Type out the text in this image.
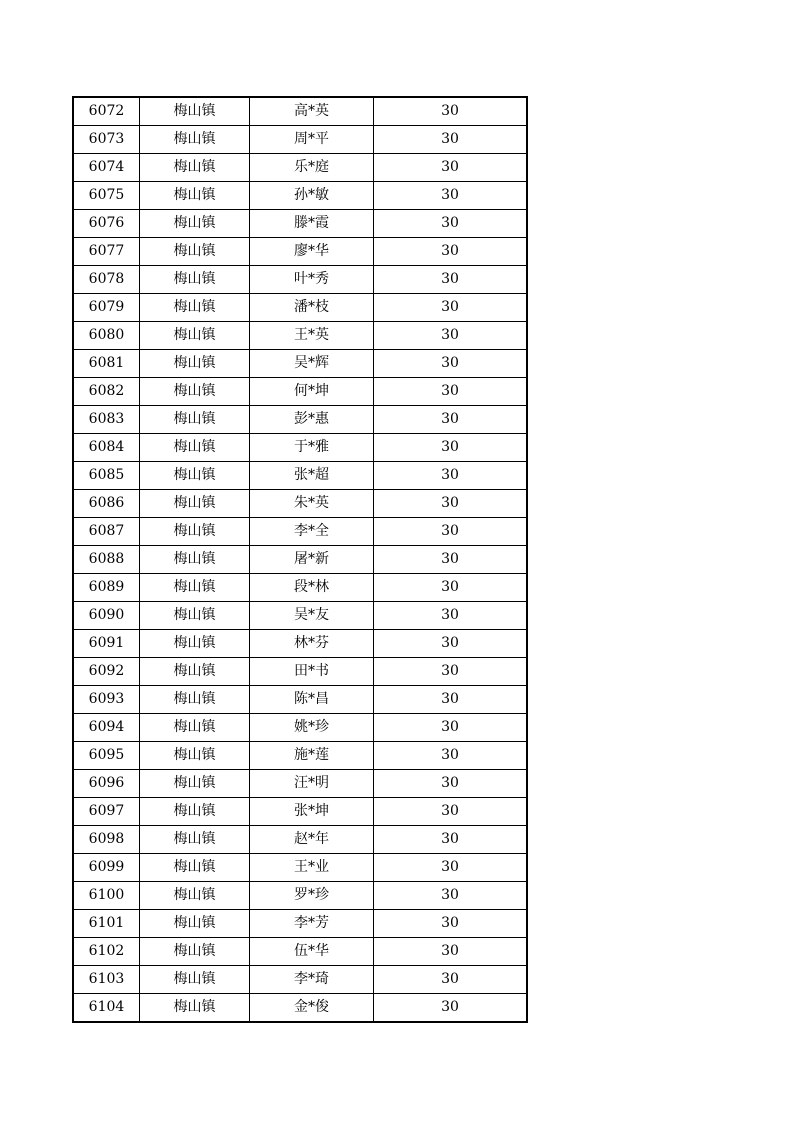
6072	梅山镇	高*英	30
6073	梅山镇	周*平	30
6074	梅山镇	乐*庭	30
6075	梅山镇	孙*敏	30
6076	梅山镇	滕*霞	30
6077	梅山镇	廖*华	30
6078	梅山镇	叶*秀	30
6079	梅山镇	潘*枝	30
6080	梅山镇	王*英	30
6081	梅山镇	吴*辉	30
6082	梅山镇	何*坤	30
6083	梅山镇	彭*惠	30
6084	梅山镇	于*雅	30
6085	梅山镇	张*超	30
6086	梅山镇	朱*英	30
6087	梅山镇	李*全	30
6088	梅山镇	屠*新	30
6089	梅山镇	段*林	30
6090	梅山镇	吴*友	30
6091	梅山镇	林*芬	30
6092	梅山镇	田*书	30
6093	梅山镇	陈*昌	30
6094	梅山镇	姚*珍	30
6095	梅山镇	施*莲	30
6096	梅山镇	汪*明	30
6097	梅山镇	张*坤	30
6098	梅山镇	赵*年	30
6099	梅山镇	王*业	30
6100	梅山镇	罗*珍	30
6101	梅山镇	李*芳	30
6102	梅山镇	伍*华	30
6103	梅山镇	李*琦	30
6104	梅山镇	金*俊	30
